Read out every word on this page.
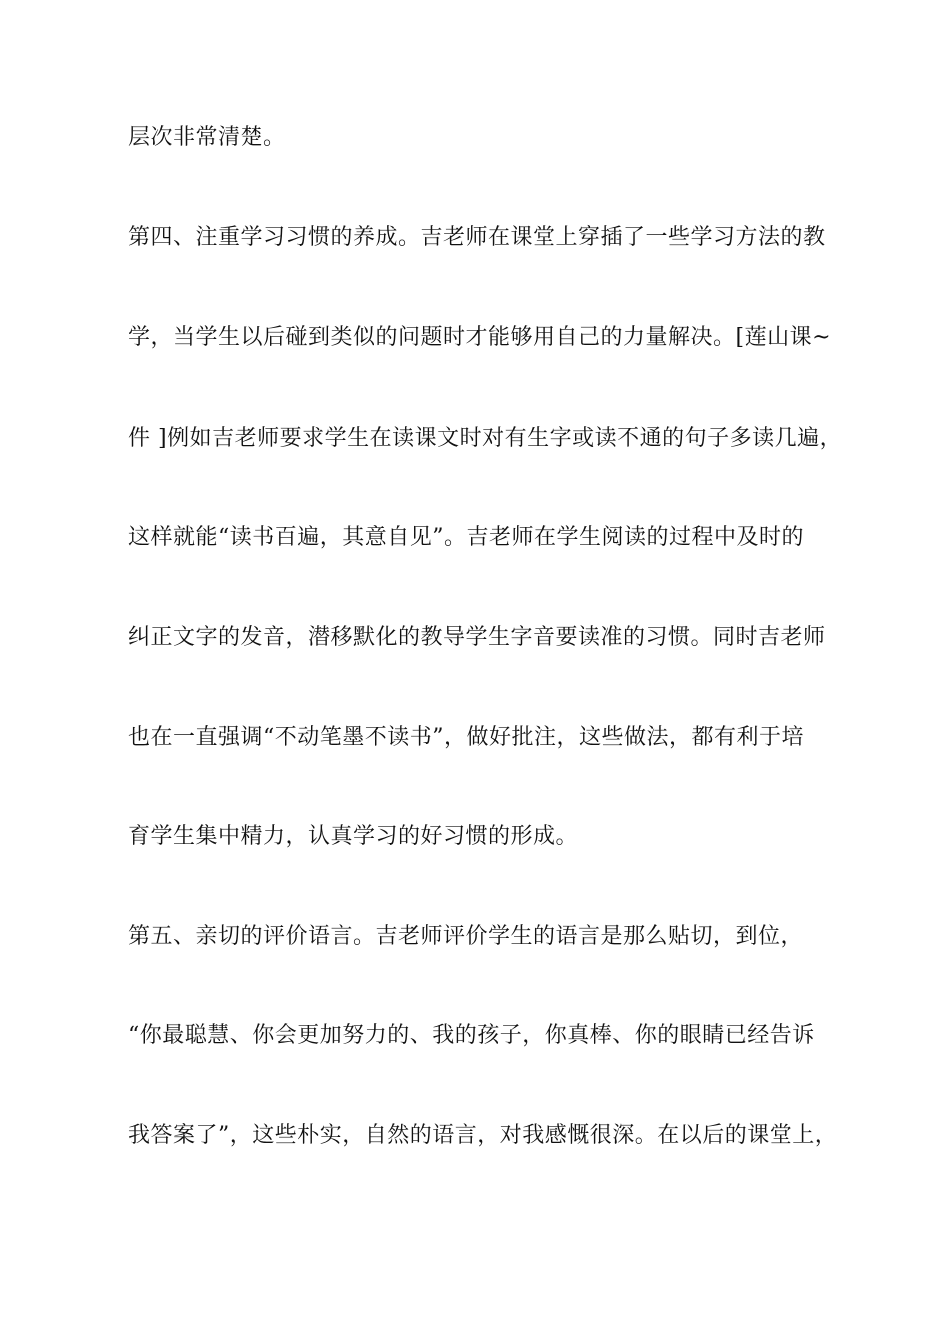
层次非常清楚。
第四、注重学习习惯的养成。吉老师在课堂上穿插了一些学习方法的教
学，当学生以后碰到类似的问题时才能够用自己的力量解决。[莲山课~
件 ]例如吉老师要求学生在读课文时对有生字或读不通的句子多读几遍，
这样就能“读书百遍，其意自见”。吉老师在学生阅读的过程中及时的
纠正文字的发音，潜移默化的教导学生字音要读准的习惯。同时吉老师
也在一直强调“不动笔墨不读书”，做好批注，这些做法，都有利于培
育学生集中精力，认真学习的好习惯的形成。
第五、亲切的评价语言。吉老师评价学生的语言是那么贴切，到位，
“你最聪慧、你会更加努力的、我的孩子，你真棒、你的眼睛已经告诉
我答案了”，这些朴实，自然的语言，对我感慨很深。在以后的课堂上，
